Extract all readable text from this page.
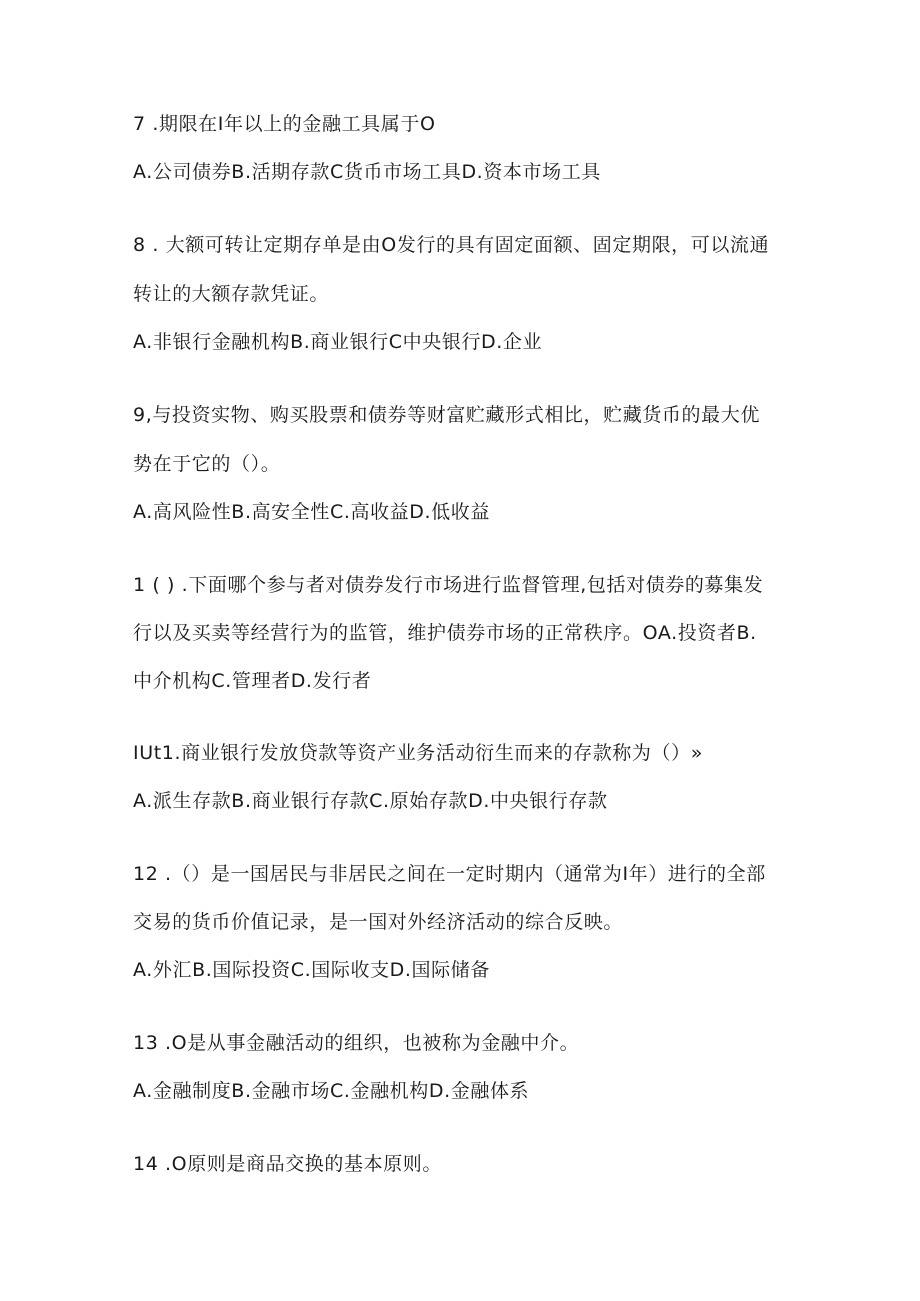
7 .期限在I年以上的金融工具属于O
A.公司债券B.活期存款C货币市场工具D.资本市场工具
8 . 大额可转让定期存单是由O发行的具有固定面额、固定期限，可以流通
转让的大额存款凭证。
A.非银行金融机构B.商业银行C中央银行D.企业
9,与投资实物、购买股票和债券等财富贮藏形式相比，贮藏货币的最大优
势在于它的（）。
A.高风险性B.高安全性C.高收益D.低收益
1 ( ) .下面哪个参与者对债券发行市场进行监督管理,包括对债券的募集发
行以及买卖等经营行为的监管，维护债券市场的正常秩序。OA.投资者B.
中介机构C.管理者D.发行者
IUt1.商业银行发放贷款等资产业务活动衍生而来的存款称为（）»
A.派生存款B.商业银行存款C.原始存款D.中央银行存款
12 .（）是一国居民与非居民之间在一定时期内（通常为I年）进行的全部
交易的货币价值记录，是一国对外经济活动的综合反映。
A.外汇B.国际投资C.国际收支D.国际储备
13 .O是从事金融活动的组织，也被称为金融中介。
A.金融制度B.金融市场C.金融机构D.金融体系
14 .O原则是商品交换的基本原则。
